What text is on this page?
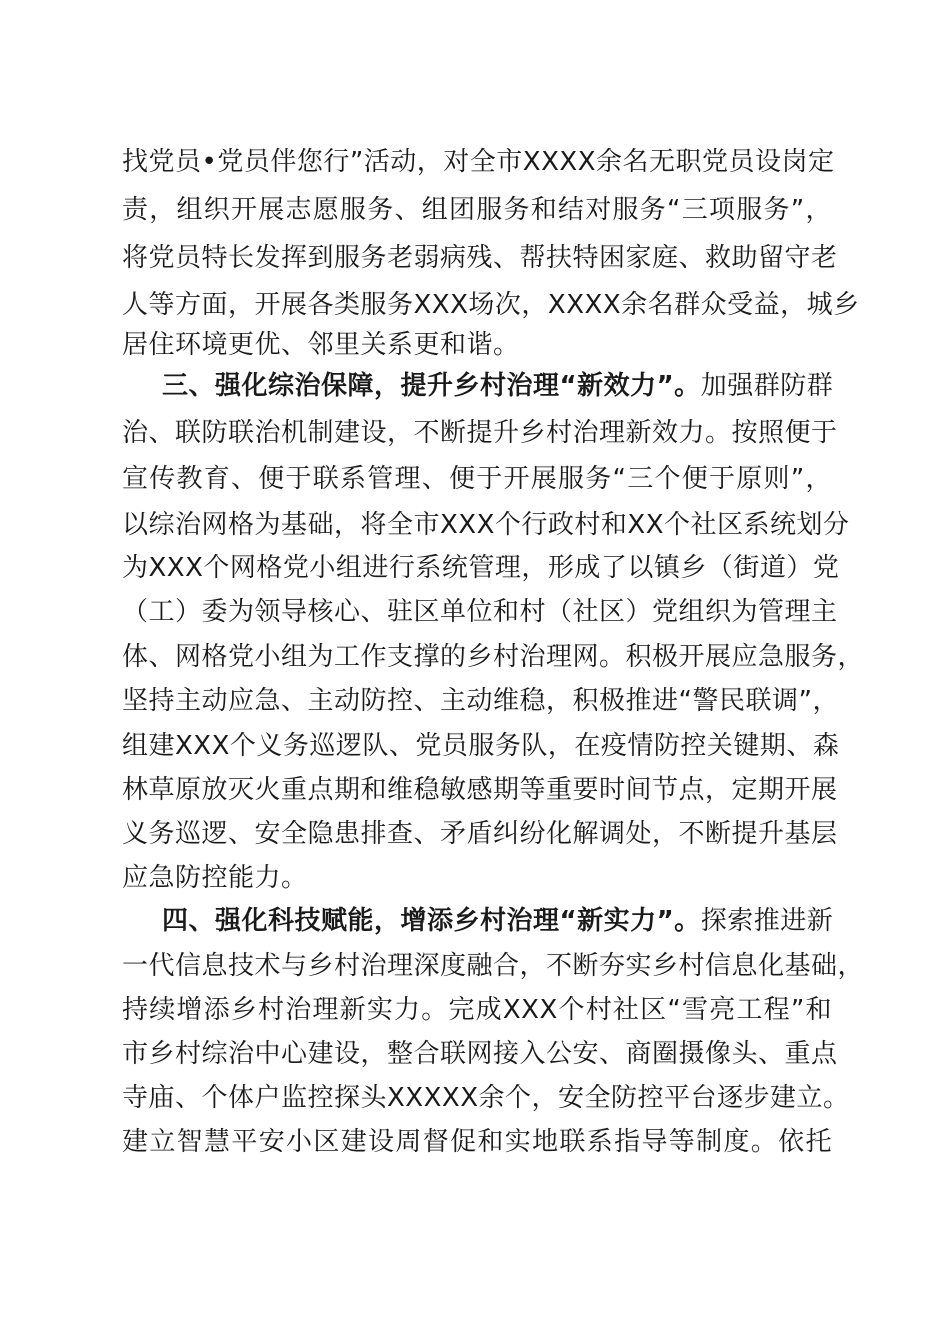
找党员•党员伴您行”活动，对全市XXXX余名无职党员设岗定
责，组织开展志愿服务、组团服务和结对服务“三项服务”，
将党员特长发挥到服务老弱病残、帮扶特困家庭、救助留守老
人等方面，开展各类服务XXX场次，XXXX余名群众受益，城乡
居住环境更优、邻里关系更和谐。
三、强化综治保障，提升乡村治理“新效力”。加强群防群
治、联防联治机制建设，不断提升乡村治理新效力。按照便于
宣传教育、便于联系管理、便于开展服务“三个便于原则”，
以综治网格为基础，将全市XXX个行政村和XX个社区系统划分
为XXX个网格党小组进行系统管理，形成了以镇乡（街道）党
（工）委为领导核心、驻区单位和村（社区）党组织为管理主
体、网格党小组为工作支撑的乡村治理网。积极开展应急服务，
坚持主动应急、主动防控、主动维稳，积极推进“警民联调”，
组建XXX个义务巡逻队、党员服务队，在疫情防控关键期、森
林草原放灭火重点期和维稳敏感期等重要时间节点，定期开展
义务巡逻、安全隐患排查、矛盾纠纷化解调处，不断提升基层
应急防控能力。
四、强化科技赋能，增添乡村治理“新实力”。探索推进新
一代信息技术与乡村治理深度融合，不断夯实乡村信息化基础，
持续增添乡村治理新实力。完成XXX个村社区“雪亮工程”和
市乡村综治中心建设，整合联网接入公安、商圈摄像头、重点
寺庙、个体户监控探头XXXXX余个，安全防控平台逐步建立。
建立智慧平安小区建设周督促和实地联系指导等制度。依托
